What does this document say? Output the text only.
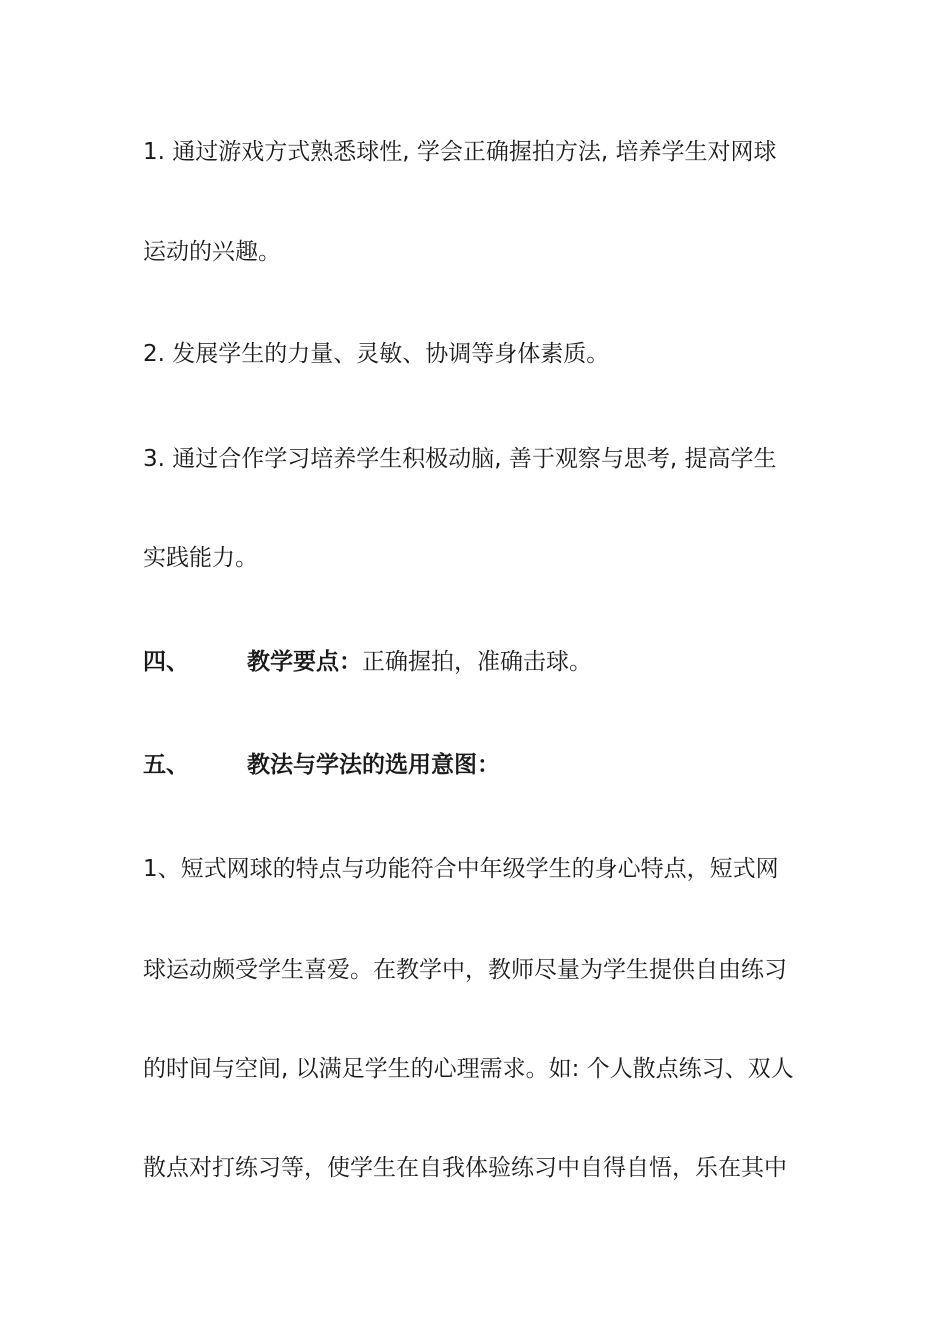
1. 通过游戏方式熟悉球性, 学会正确握拍方法, 培养学生对网球
运动的兴趣。
2. 发展学生的力量、灵敏、协调等身体素质。
3. 通过合作学习培养学生积极动脑, 善于观察与思考, 提高学生
实践能力。
四、	教学要点：正确握拍，准确击球。
五、	教法与学法的选用意图：
1、短式网球的特点与功能符合中年级学生的身心特点，短式网
球运动颇受学生喜爱。在教学中，教师尽量为学生提供自由练习
的时间与空间, 以满足学生的心理需求。如: 个人散点练习、双人
散点对打练习等，使学生在自我体验练习中自得自悟，乐在其中
